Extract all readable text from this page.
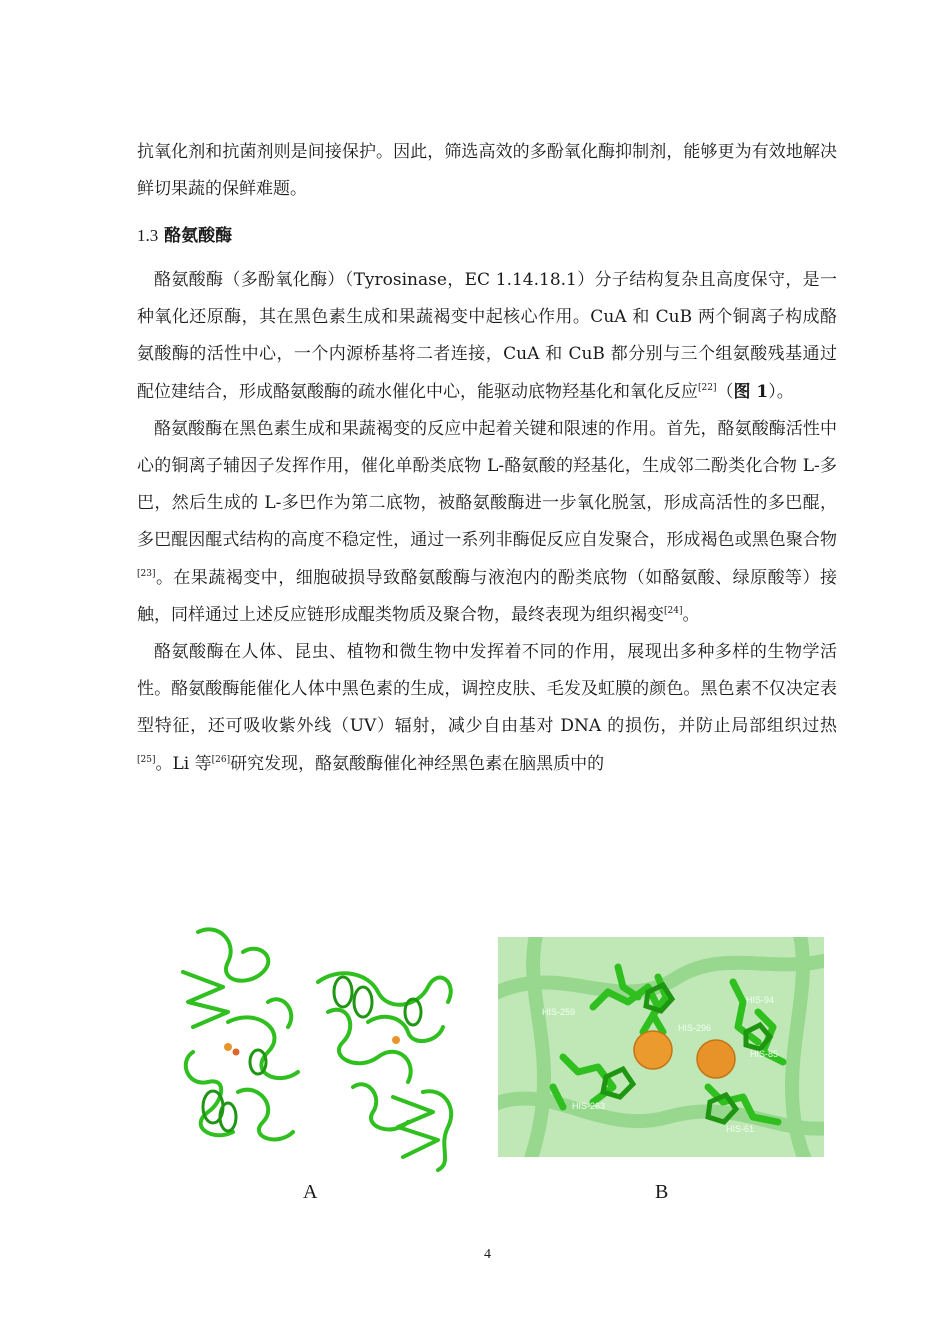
抗氧化剂和抗菌剂则是间接保护。因此，筛选高效的多酚氧化酶抑制剂，能够更为有效地解决鲜切果蔬的保鲜难题。

1.3 酪氨酸酶

酪氨酸酶（多酚氧化酶）（Tyrosinase，EC 1.14.18.1）分子结构复杂且高度保守，是一种氧化还原酶，其在黑色素生成和果蔬褐变中起核心作用。CuA 和 CuB 两个铜离子构成酪氨酸酶的活性中心，一个内源桥基将二者连接，CuA 和 CuB 都分别与三个组氨酸残基通过配位建结合，形成酪氨酸酶的疏水催化中心，能驱动底物羟基化和氧化反应[22]（图 1）。

酪氨酸酶在黑色素生成和果蔬褐变的反应中起着关键和限速的作用。首先，酪氨酸酶活性中心的铜离子辅因子发挥作用，催化单酚类底物 L-酪氨酸的羟基化，生成邻二酚类化合物 L-多巴，然后生成的 L-多巴作为第二底物，被酪氨酸酶进一步氧化脱氢，形成高活性的多巴醌，多巴醌因醌式结构的高度不稳定性，通过一系列非酶促反应自发聚合，形成褐色或黑色聚合物[23]。在果蔬褐变中，细胞破损导致酪氨酸酶与液泡内的酚类底物（如酪氨酸、绿原酸等）接触，同样通过上述反应链形成醌类物质及聚合物，最终表现为组织褐变[24]。

酪氨酸酶在人体、昆虫、植物和微生物中发挥着不同的作用，展现出多种多样的生物学活性。酪氨酸酶能催化人体中黑色素的生成，调控皮肤、毛发及虹膜的颜色。黑色素不仅决定表型特征，还可吸收紫外线（UV）辐射，减少自由基对 DNA 的损伤，并防止局部组织过热[25]。Li 等[26]研究发现，酪氨酸酶催化神经黑色素在脑黑质中的

HIS-259
HIS-296
HIS-94
HIS-85
HIS-263
HIS-61
A	B
4
